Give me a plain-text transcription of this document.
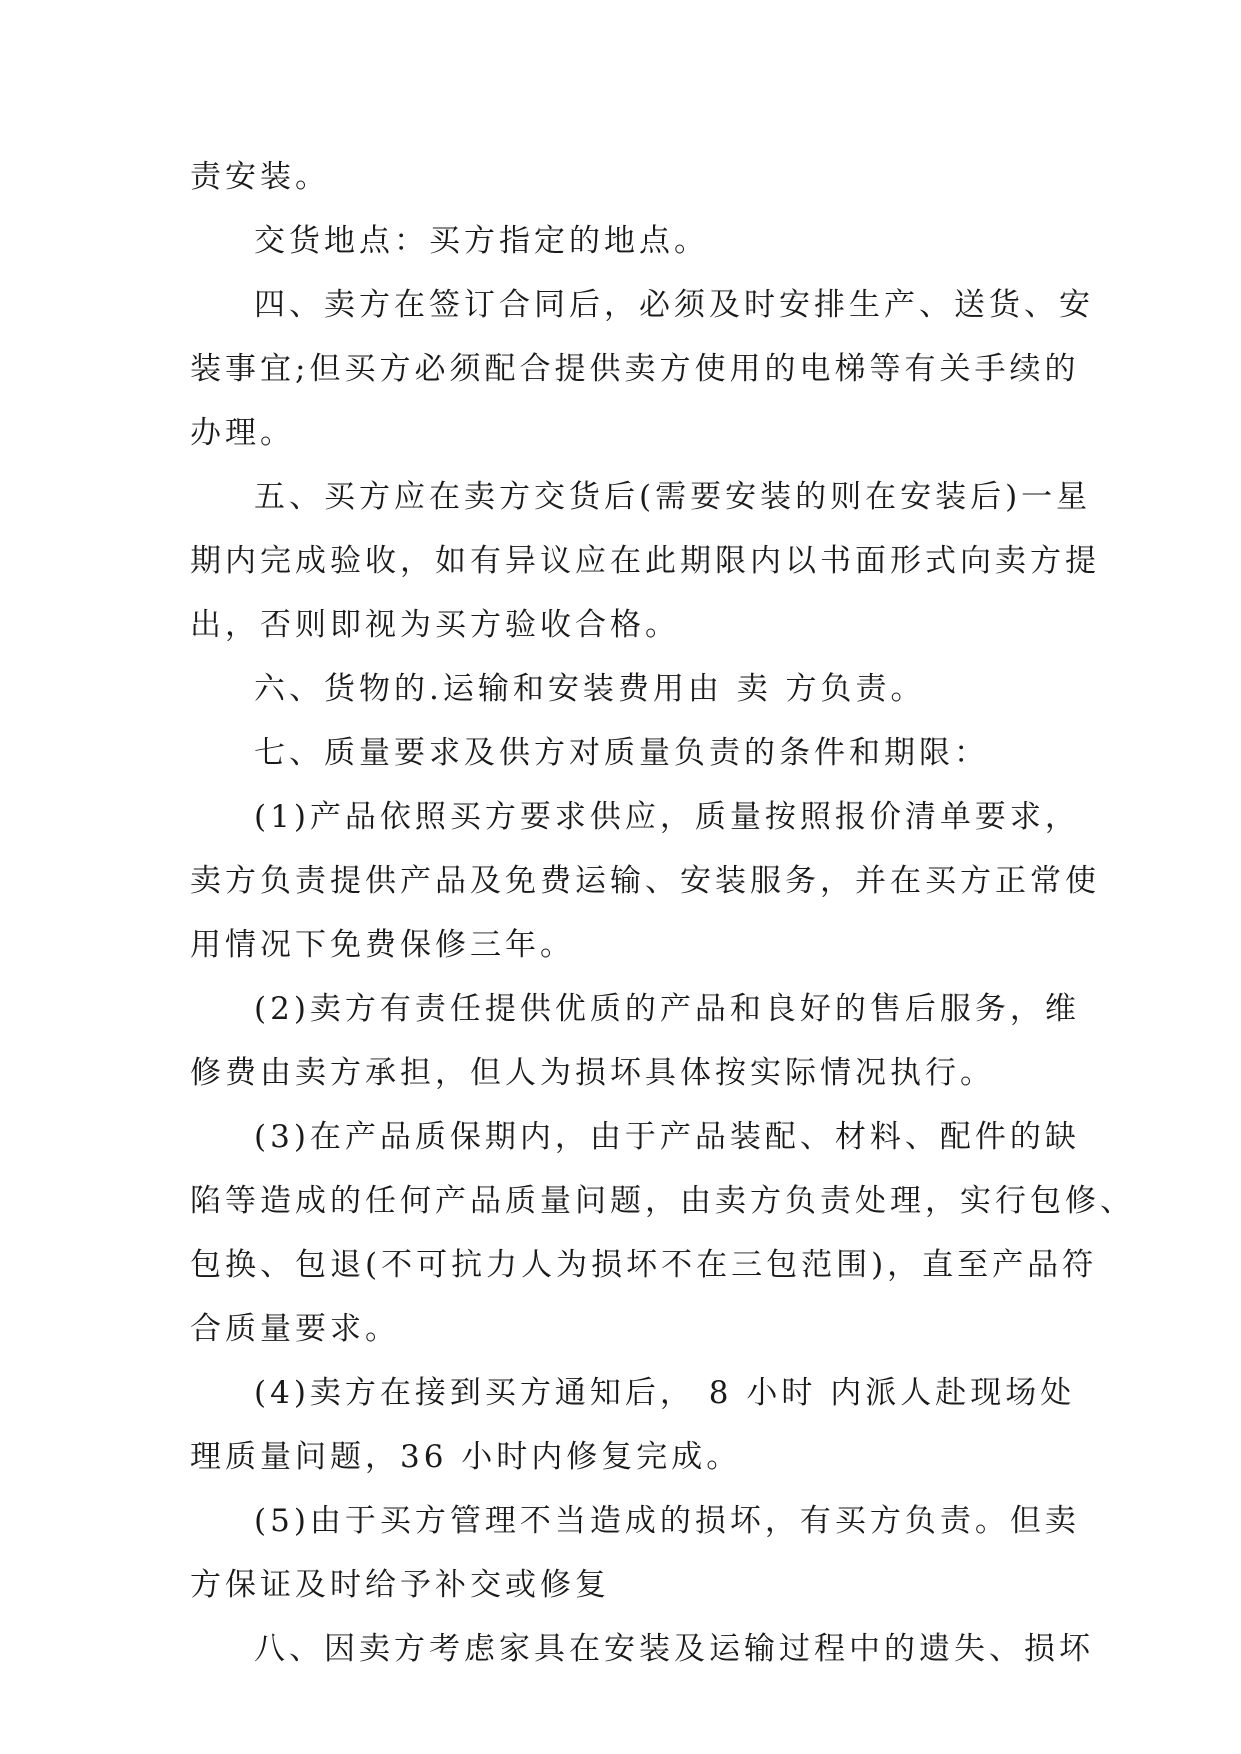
责安装。
交货地点：买方指定的地点。
四、卖方在签订合同后，必须及时安排生产、送货、安
装事宜;但买方必须配合提供卖方使用的电梯等有关手续的
办理。
五、买方应在卖方交货后(需要安装的则在安装后)一星
期内完成验收，如有异议应在此期限内以书面形式向卖方提
出，否则即视为买方验收合格。
六、货物的.运输和安装费用由 卖 方负责。
七、质量要求及供方对质量负责的条件和期限：
(1)产品依照买方要求供应，质量按照报价清单要求，
卖方负责提供产品及免费运输、安装服务，并在买方正常使
用情况下免费保修三年。
(2)卖方有责任提供优质的产品和良好的售后服务，维
修费由卖方承担，但人为损坏具体按实际情况执行。
(3)在产品质保期内，由于产品装配、材料、配件的缺
陷等造成的任何产品质量问题，由卖方负责处理，实行包修、
包换、包退(不可抗力人为损坏不在三包范围)，直至产品符
合质量要求。
(4)卖方在接到买方通知后， 8 小时 内派人赴现场处
理质量问题，36 小时内修复完成。
(5)由于买方管理不当造成的损坏，有买方负责。但卖
方保证及时给予补交或修复
八、因卖方考虑家具在安装及运输过程中的遗失、损坏
